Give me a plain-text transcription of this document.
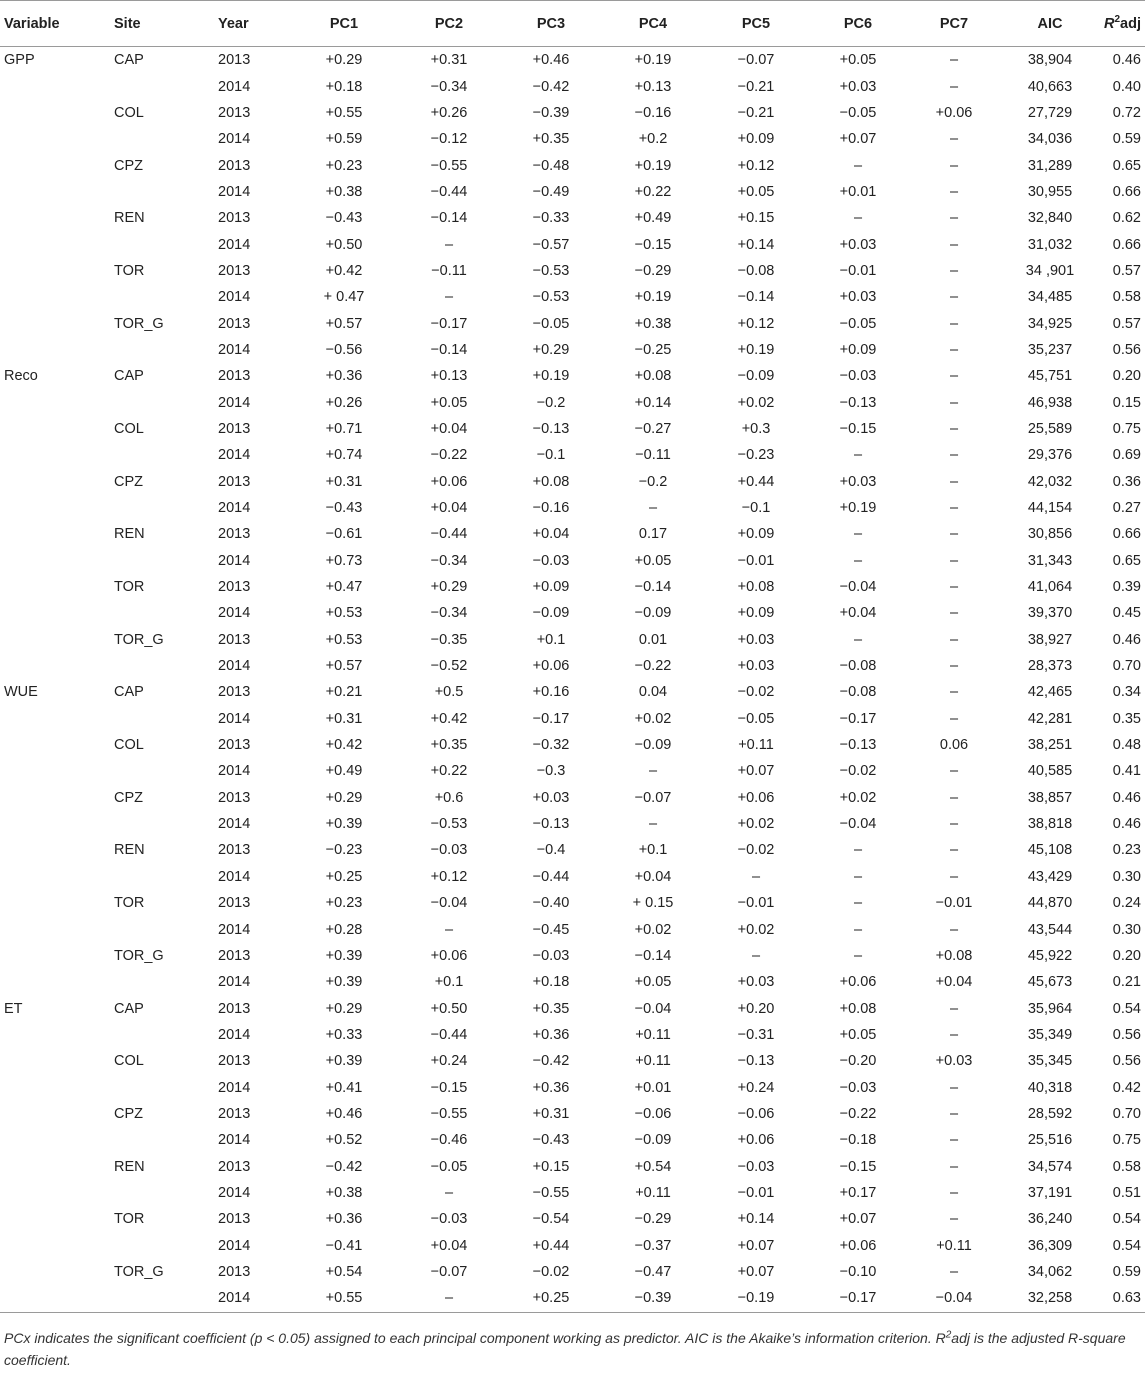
Variable	Site	Year	PC1	PC2	PC3	PC4	PC5	PC6	PC7	AIC	$R^2adj$
GPP	CAP	2013	+0.29	+0.31	+0.46	+0.19	−0.07	+0.05	–	38,904	0.46
		2014	+0.18	−0.34	−0.42	+0.13	−0.21	+0.03	–	40,663	0.40
	COL	2013	+0.55	+0.26	−0.39	−0.16	−0.21	−0.05	+0.06	27,729	0.72
		2014	+0.59	−0.12	+0.35	+0.2	+0.09	+0.07	–	34,036	0.59
	CPZ	2013	+0.23	−0.55	−0.48	+0.19	+0.12	–	–	31,289	0.65
		2014	+0.38	−0.44	−0.49	+0.22	+0.05	+0.01	–	30,955	0.66
	REN	2013	−0.43	−0.14	−0.33	+0.49	+0.15	–	–	32,840	0.62
		2014	+0.50	–	−0.57	−0.15	+0.14	+0.03	–	31,032	0.66
	TOR	2013	+0.42	−0.11	−0.53	−0.29	−0.08	−0.01	–	34 ,901	0.57
		2014	+ 0.47	–	−0.53	+0.19	−0.14	+0.03	–	34,485	0.58
	TOR_G	2013	+0.57	−0.17	−0.05	+0.38	+0.12	−0.05	–	34,925	0.57
		2014	−0.56	−0.14	+0.29	−0.25	+0.19	+0.09	–	35,237	0.56
Reco	CAP	2013	+0.36	+0.13	+0.19	+0.08	−0.09	−0.03	–	45,751	0.20
		2014	+0.26	+0.05	−0.2	+0.14	+0.02	−0.13	–	46,938	0.15
	COL	2013	+0.71	+0.04	−0.13	−0.27	+0.3	−0.15	–	25,589	0.75
		2014	+0.74	−0.22	−0.1	−0.11	−0.23	–	–	29,376	0.69
	CPZ	2013	+0.31	+0.06	+0.08	−0.2	+0.44	+0.03	–	42,032	0.36
		2014	−0.43	+0.04	−0.16	–	−0.1	+0.19	–	44,154	0.27
	REN	2013	−0.61	−0.44	+0.04	0.17	+0.09	–	–	30,856	0.66
		2014	+0.73	−0.34	−0.03	+0.05	−0.01	–	–	31,343	0.65
	TOR	2013	+0.47	+0.29	+0.09	−0.14	+0.08	−0.04	–	41,064	0.39
		2014	+0.53	−0.34	−0.09	−0.09	+0.09	+0.04	–	39,370	0.45
	TOR_G	2013	+0.53	−0.35	+0.1	0.01	+0.03	–	–	38,927	0.46
		2014	+0.57	−0.52	+0.06	−0.22	+0.03	−0.08	–	28,373	0.70
WUE	CAP	2013	+0.21	+0.5	+0.16	0.04	−0.02	−0.08	–	42,465	0.34
		2014	+0.31	+0.42	−0.17	+0.02	−0.05	−0.17	–	42,281	0.35
	COL	2013	+0.42	+0.35	−0.32	−0.09	+0.11	−0.13	0.06	38,251	0.48
		2014	+0.49	+0.22	−0.3	–	+0.07	−0.02	–	40,585	0.41
	CPZ	2013	+0.29	+0.6	+0.03	−0.07	+0.06	+0.02	–	38,857	0.46
		2014	+0.39	−0.53	−0.13	–	+0.02	−0.04	–	38,818	0.46
	REN	2013	−0.23	−0.03	−0.4	+0.1	−0.02	–	–	45,108	0.23
		2014	+0.25	+0.12	−0.44	+0.04	–	–	–	43,429	0.30
	TOR	2013	+0.23	−0.04	−0.40	+ 0.15	−0.01	–	−0.01	44,870	0.24
		2014	+0.28	–	−0.45	+0.02	+0.02	–	–	43,544	0.30
	TOR_G	2013	+0.39	+0.06	−0.03	−0.14	–	–	+0.08	45,922	0.20
		2014	+0.39	+0.1	+0.18	+0.05	+0.03	+0.06	+0.04	45,673	0.21
ET	CAP	2013	+0.29	+0.50	+0.35	−0.04	+0.20	+0.08	–	35,964	0.54
		2014	+0.33	−0.44	+0.36	+0.11	−0.31	+0.05	–	35,349	0.56
	COL	2013	+0.39	+0.24	−0.42	+0.11	−0.13	−0.20	+0.03	35,345	0.56
		2014	+0.41	−0.15	+0.36	+0.01	+0.24	−0.03	–	40,318	0.42
	CPZ	2013	+0.46	−0.55	+0.31	−0.06	−0.06	−0.22	–	28,592	0.70
		2014	+0.52	−0.46	−0.43	−0.09	+0.06	−0.18	–	25,516	0.75
	REN	2013	−0.42	−0.05	+0.15	+0.54	−0.03	−0.15	–	34,574	0.58
		2014	+0.38	–	−0.55	+0.11	−0.01	+0.17	–	37,191	0.51
	TOR	2013	+0.36	−0.03	−0.54	−0.29	+0.14	+0.07	–	36,240	0.54
		2014	−0.41	+0.04	+0.44	−0.37	+0.07	+0.06	+0.11	36,309	0.54
	TOR_G	2013	+0.54	−0.07	−0.02	−0.47	+0.07	−0.10	–	34,062	0.59
		2014	+0.55	–	+0.25	−0.39	−0.19	−0.17	−0.04	32,258	0.63
PCx indicates the significant coefficient (p < 0.05) assigned to each principal component working as predictor. AIC is the Akaike’s information criterion. $R^2adj$ is the adjusted R-square coefficient.
